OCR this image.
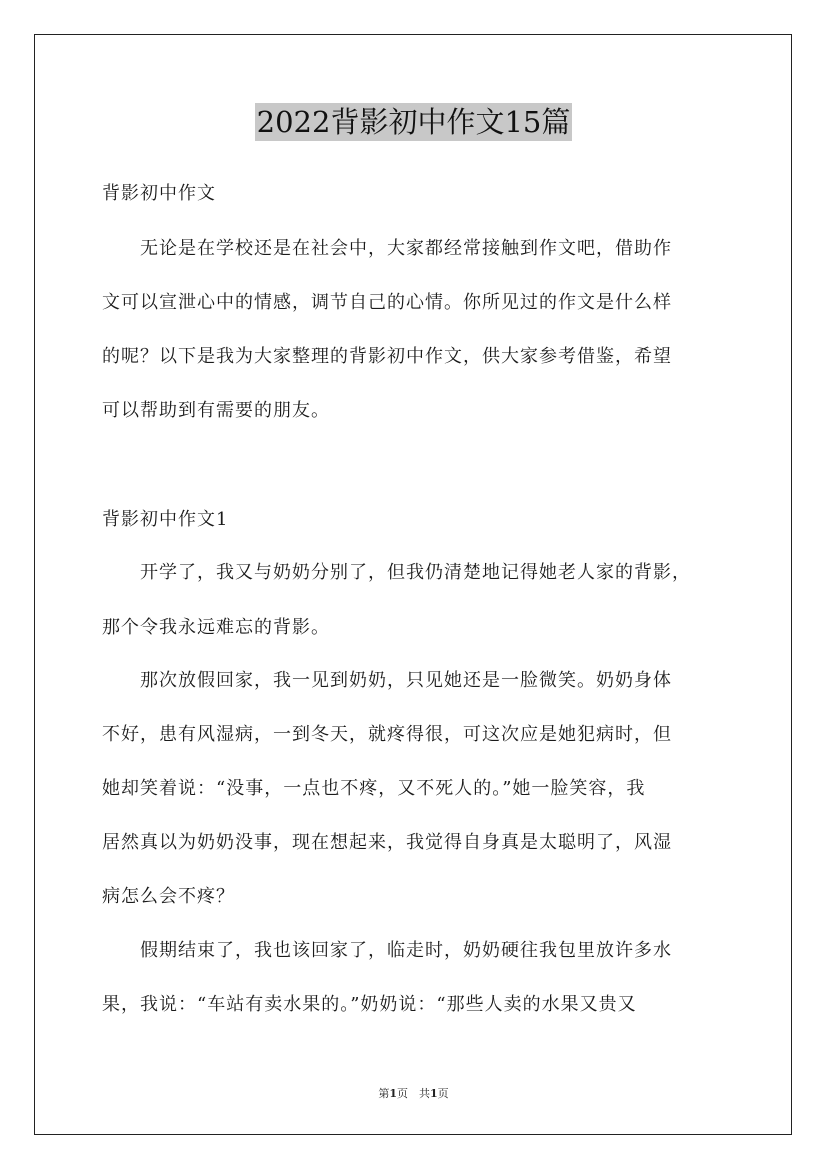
2022背影初中作文15篇
背影初中作文
　　无论是在学校还是在社会中，大家都经常接触到作文吧，借助作
文可以宣泄心中的情感，调节自己的心情。你所见过的作文是什么样
的呢？以下是我为大家整理的背影初中作文，供大家参考借鉴，希望
可以帮助到有需要的朋友。
背影初中作文1
　　开学了，我又与奶奶分别了，但我仍清楚地记得她老人家的背影，
那个令我永远难忘的背影。
　　那次放假回家，我一见到奶奶，只见她还是一脸微笑。奶奶身体
不好，患有风湿病，一到冬天，就疼得很，可这次应是她犯病时，但
她却笑着说：“没事，一点也不疼，又不死人的。”她一脸笑容，我
居然真以为奶奶没事，现在想起来，我觉得自身真是太聪明了，风湿
病怎么会不疼？
　　假期结束了，我也该回家了，临走时，奶奶硬往我包里放许多水
果，我说：“车站有卖水果的。”奶奶说：“那些人卖的水果又贵又
第1页　共1页
